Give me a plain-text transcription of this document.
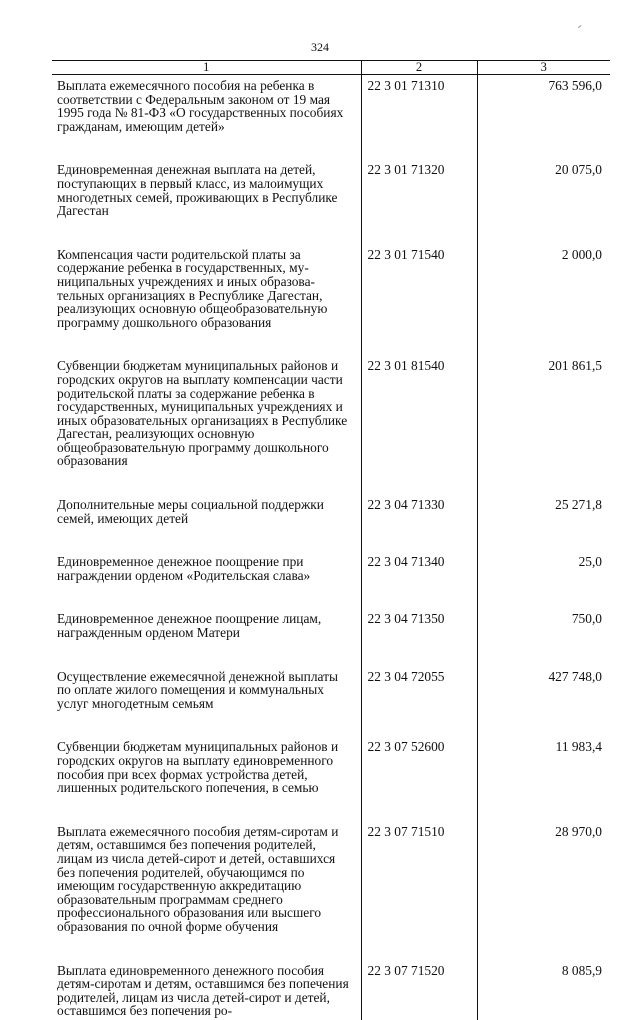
324
1	2	3
Выплата ежемесячного пособия на ребенка в соответствии с Федеральным законом от 19 мая 1995 года № 81-ФЗ «О государственных пособиях гражданам, имеющим детей»	22 3 01 71310	763 596,0
Единовременная денежная выплата на детей, поступающих в первый класс, из малоимущих многодетных семей, проживающих в Республике Дагестан	22 3 01 71320	20 075,0
Компенсация части родительской платы за содержание ребенка в государственных, муниципальных учреждениях и иных образовательных организациях в Республике Дагестан, реализующих основную общеобразовательную программу дошкольного образования	22 3 01 71540	2 000,0
Субвенции бюджетам муниципальных районов и городских округов на выплату компенсации части родительской платы за содержание ребенка в государственных, муниципальных учреждениях и иных образовательных организациях в Республике Дагестан, реализующих основную общеобразовательную программу дошкольного образования	22 3 01 81540	201 861,5
Дополнительные меры социальной поддержки семей, имеющих детей	22 3 04 71330	25 271,8
Единовременное денежное поощрение при награждении орденом «Родительская слава»	22 3 04 71340	25,0
Единовременное денежное поощрение лицам, награжденным орденом Матери	22 3 04 71350	750,0
Осуществление ежемесячной денежной выплаты по оплате жилого помещения и коммунальных услуг многодетным семьям	22 3 04 72055	427 748,0
Субвенции бюджетам муниципальных районов и городских округов на выплату единовременного пособия при всех формах устройства детей, лишенных родительского попечения, в семью	22 3 07 52600	11 983,4
Выплата ежемесячного пособия детям-сиротам и детям, оставшимся без попечения родителей, лицам из числа детей-сирот и детей, оставшихся без попечения родителей, обучающимся по имеющим государственную аккредитацию образовательным программам среднего профессионального образования или высшего образования по очной форме обучения	22 3 07 71510	28 970,0
Выплата единовременного денежного пособия детям-сиротам и детям, оставшимся без попечения родителей, лицам из числа детей-сирот и детей, оставшимся без попечения ро-	22 3 07 71520	8 085,9
